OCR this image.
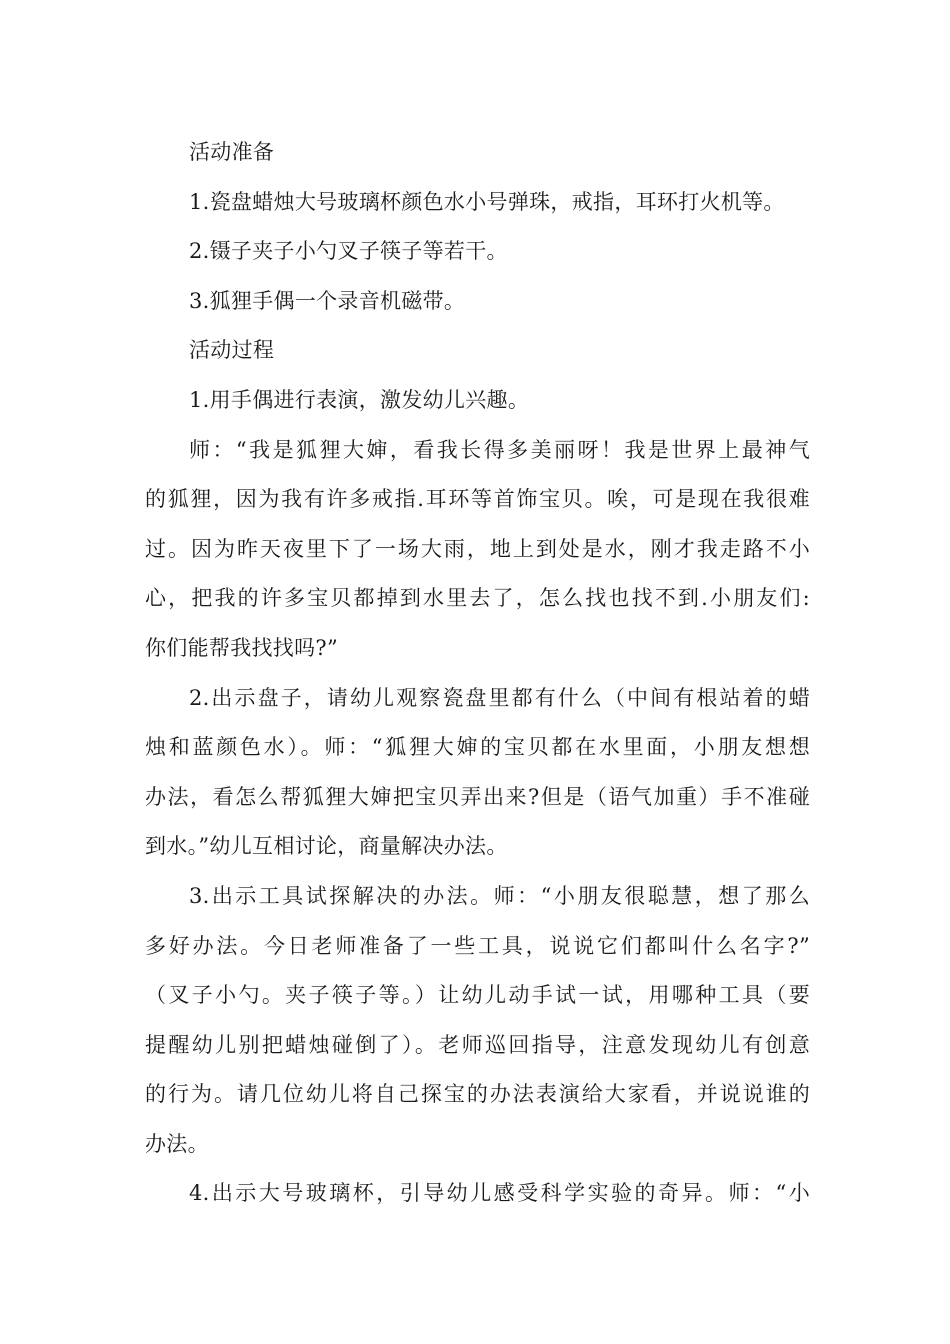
活动准备
1.瓷盘蜡烛大号玻璃杯颜色水小号弹珠，戒指，耳环打火机等。
2.镊子夹子小勺叉子筷子等若干。
3.狐狸手偶一个录音机磁带。
活动过程
1.用手偶进行表演，激发幼儿兴趣。
师：“我是狐狸大婶，看我长得多美丽呀！我是世界上最神气
的狐狸，因为我有许多戒指.耳环等首饰宝贝。唉，可是现在我很难
过。因为昨天夜里下了一场大雨，地上到处是水，刚才我走路不小
心，把我的许多宝贝都掉到水里去了，怎么找也找不到.小朋友们:
你们能帮我找找吗?”
2.出示盘子，请幼儿观察瓷盘里都有什么（中间有根站着的蜡
烛和蓝颜色水）。师：“狐狸大婶的宝贝都在水里面，小朋友想想
办法，看怎么帮狐狸大婶把宝贝弄出来?但是（语气加重）手不准碰
到水。”幼儿互相讨论，商量解决办法。
3.出示工具试探解决的办法。师：“小朋友很聪慧，想了那么
多好办法。今日老师准备了一些工具，说说它们都叫什么名字?”
（叉子小勺。夹子筷子等。）让幼儿动手试一试，用哪种工具（要
提醒幼儿别把蜡烛碰倒了）。老师巡回指导，注意发现幼儿有创意
的行为。请几位幼儿将自己探宝的办法表演给大家看，并说说谁的
办法。
4.出示大号玻璃杯，引导幼儿感受科学实验的奇异。师：“小
